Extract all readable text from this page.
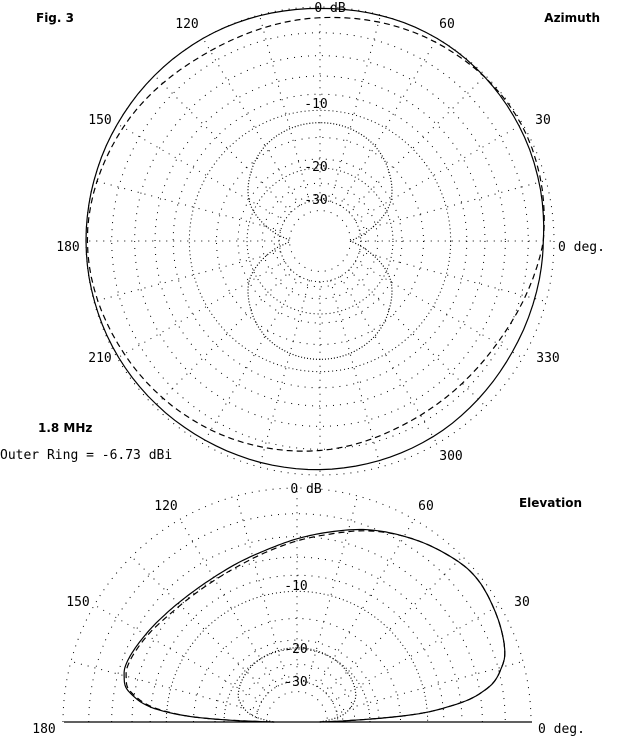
Fig. 3	Azimuth
1.8 MHz
Outer Ring = -6.73 dBi
Elevation
0 dB
-10
-20
-30
0 deg.
30
60
120
150
180
210
300
330
0 dB
-10
-20
-30
0 deg.
30
60
120
150
180
